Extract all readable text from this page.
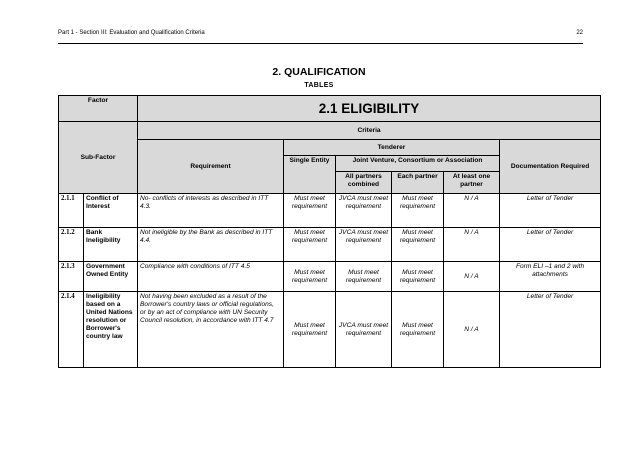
Part 1 - Section III: Evaluation and Qualification Criteria	22
2. QUALIFICATION
TABLES
Factor		2.1 ELIGIBILITY					
Sub-Factor		Criteria					
		Requirement	Tenderer				Documentation Required
			Single Entity	Joint Venture, Consortium or Association			
				All partners combined	Each partner	At least one partner	
2.1.1	Conflict of Interest	No- conflicts of interests as described in ITT 4.3.	Must meet requirement	JVCA must meet requirement	Must meet requirement	N / A	Letter of Tender
2.1.2	Bank Ineligibility	Not ineligible by the Bank as described in ITT 4.4.	Must meet requirement	JVCA must meet requirement	Must meet requirement	N / A	Letter of Tender
2.1.3	Government Owned Entity	Compliance with conditions of ITT 4.5	Must meet requirement	Must meet requirement	Must meet requirement	N / A	Form ELI –1 and 2 with attachments
2.1.4	Ineligibility based on a United Nations resolution or Borrower's country law	Not having been excluded as a result of the Borrower's country laws or official regulations, or by an act of compliance with UN Security Council resolution, in accordance with ITT 4.7	Must meet requirement	JVCA must meet requirement	Must meet requirement	N / A	Letter of Tender
